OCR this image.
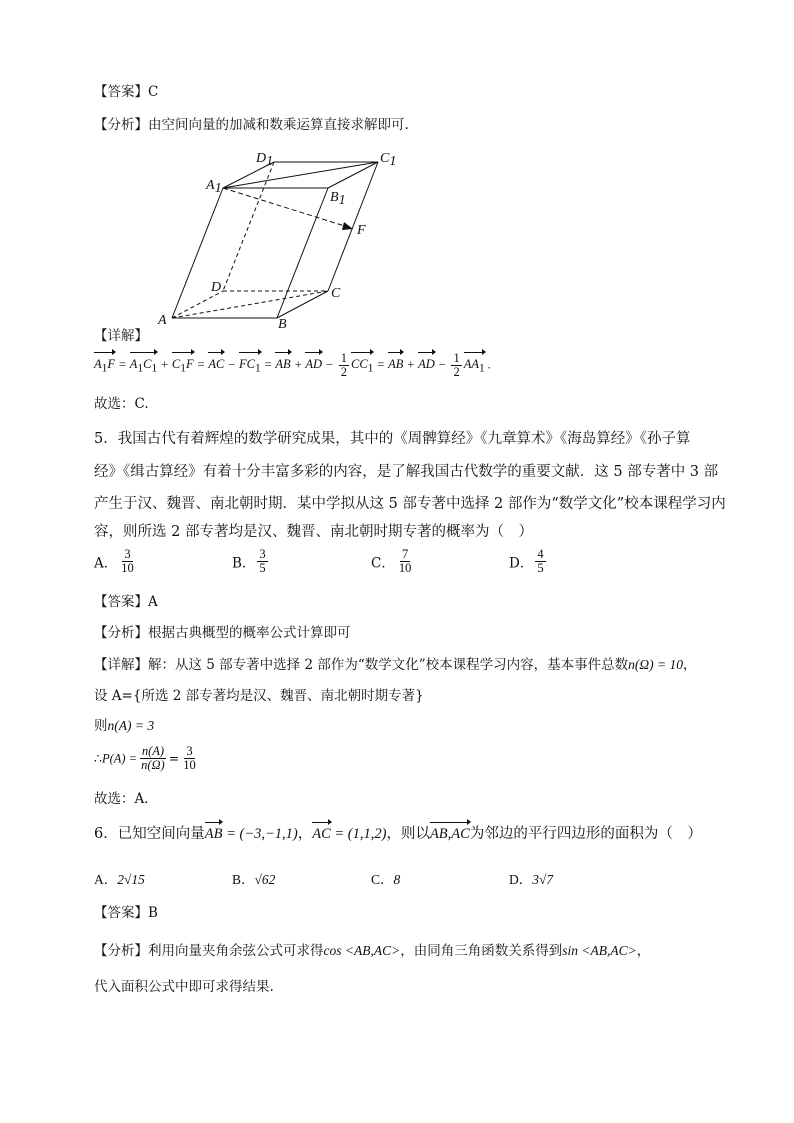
【答案】C
【分析】由空间向量的加减和数乘运算直接求解即可.
D1	C1
A1
B1
F
D	C
A	B
【详解】
$A_1F = A_1C_1 + C_1F$ = AC − $FC_1$ = AB + AD − $\frac{1}{2} CC_1$ = AB + AD − $\frac{1}{2} AA_1$ .
故选：C.
5．我国古代有着辉煌的数学研究成果，其中的《周髀算经》《九章算术》《海岛算经》《孙子算
经》《缉古算经》有着十分丰富多彩的内容，是了解我国古代数学的重要文献．这 5 部专著中 3 部
产生于汉、魏晋、南北朝时期．某中学拟从这 5 部专著中选择 2 部作为“数学文化”校本课程学习内
容，则所选 2 部专著均是汉、魏晋、南北朝时期专著的概率为（　）
A． $\frac{3}{10}$	B． $\frac{3}{5}$	C． $\frac{7}{10}$	D． $\frac{4}{5}$
【答案】A
【分析】根据古典概型的概率公式计算即可
【详解】解：从这 5 部专著中选择 2 部作为“数学文化”校本课程学习内容，基本事件总数n(Ω) = 10，
设 A={所选 2 部专著均是汉、魏晋、南北朝时期专著}
则n(A) = 3
∴P(A) = $\frac{n(A)}{n(\Omega)} = \frac{3}{10}$
故选：A．
6．已知空间向量AB = (−3,−1,1)，AC = (1,1,2)，则以AB,AC为邻边的平行四边形的面积为（　）
A．2√15	B．√62	C．8	D．3√7
【答案】B
【分析】利用向量夹角余弦公式可求得cos <AB,AC>，由同角三角函数关系得到sin <AB,AC>，
代入面积公式中即可求得结果.
